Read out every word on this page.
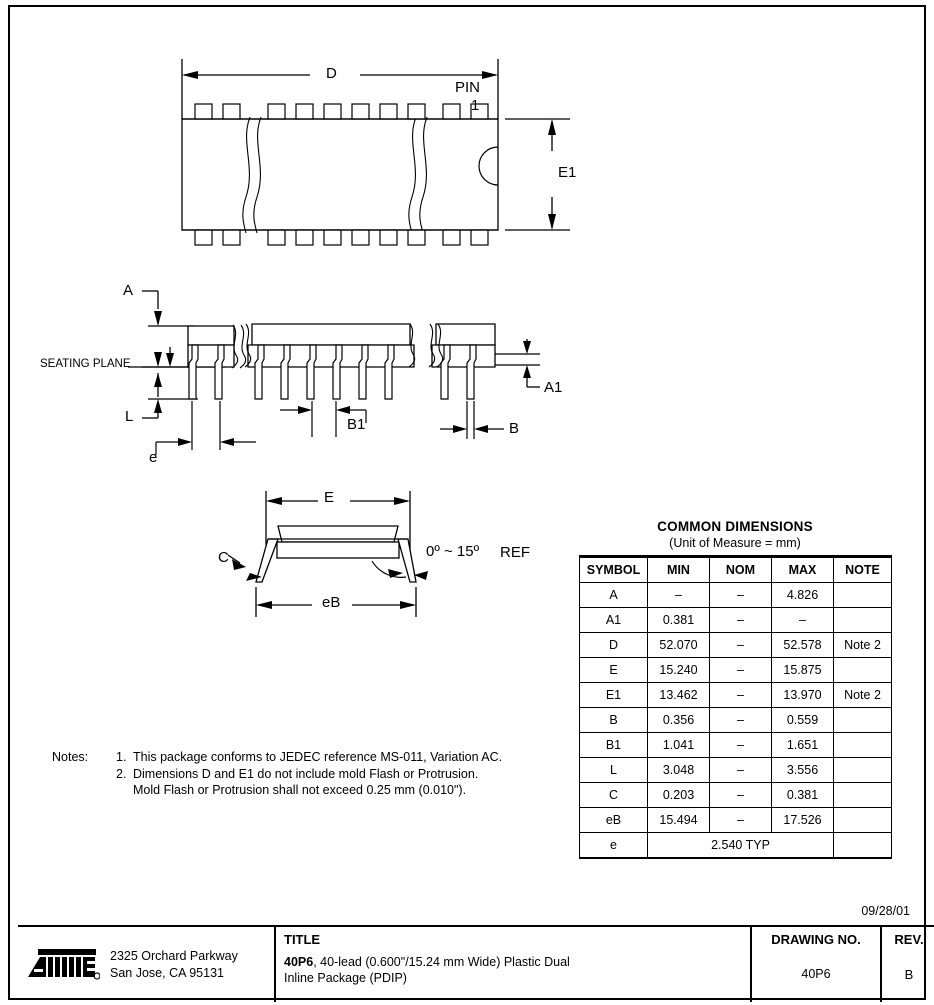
D
PIN
1
E1
A
SEATING PLANE
L
e
B1	B
A1
E
C	0º ~ 15º REF
eB
COMMON DIMENSIONS
(Unit of Measure = mm)
SYMBOL	MIN	NOM	MAX	NOTE
A	–	–	4.826	
A1	0.381	–	–	
D	52.070	–	52.578	Note 2
E	15.240	–	15.875	
E1	13.462	–	13.970	Note 2
B	0.356	–	0.559	
B1	1.041	–	1.651	
L	3.048	–	3.556	
C	0.203	–	0.381	
eB	15.494	–	17.526	
e	2.540 TYP			
Notes: 1. This package conforms to JEDEC reference MS-011, Variation AC.
2. Dimensions D and E1 do not include mold Flash or Protrusion.
Mold Flash or Protrusion shall not exceed 0.25 mm (0.010").
09/28/01
2325 Orchard Parkway
San Jose, CA 95131
TITLE
40P6, 40-lead (0.600"/15.24 mm Wide) Plastic Dual
Inline Package (PDIP)
DRAWING NO.
40P6
REV.
B
